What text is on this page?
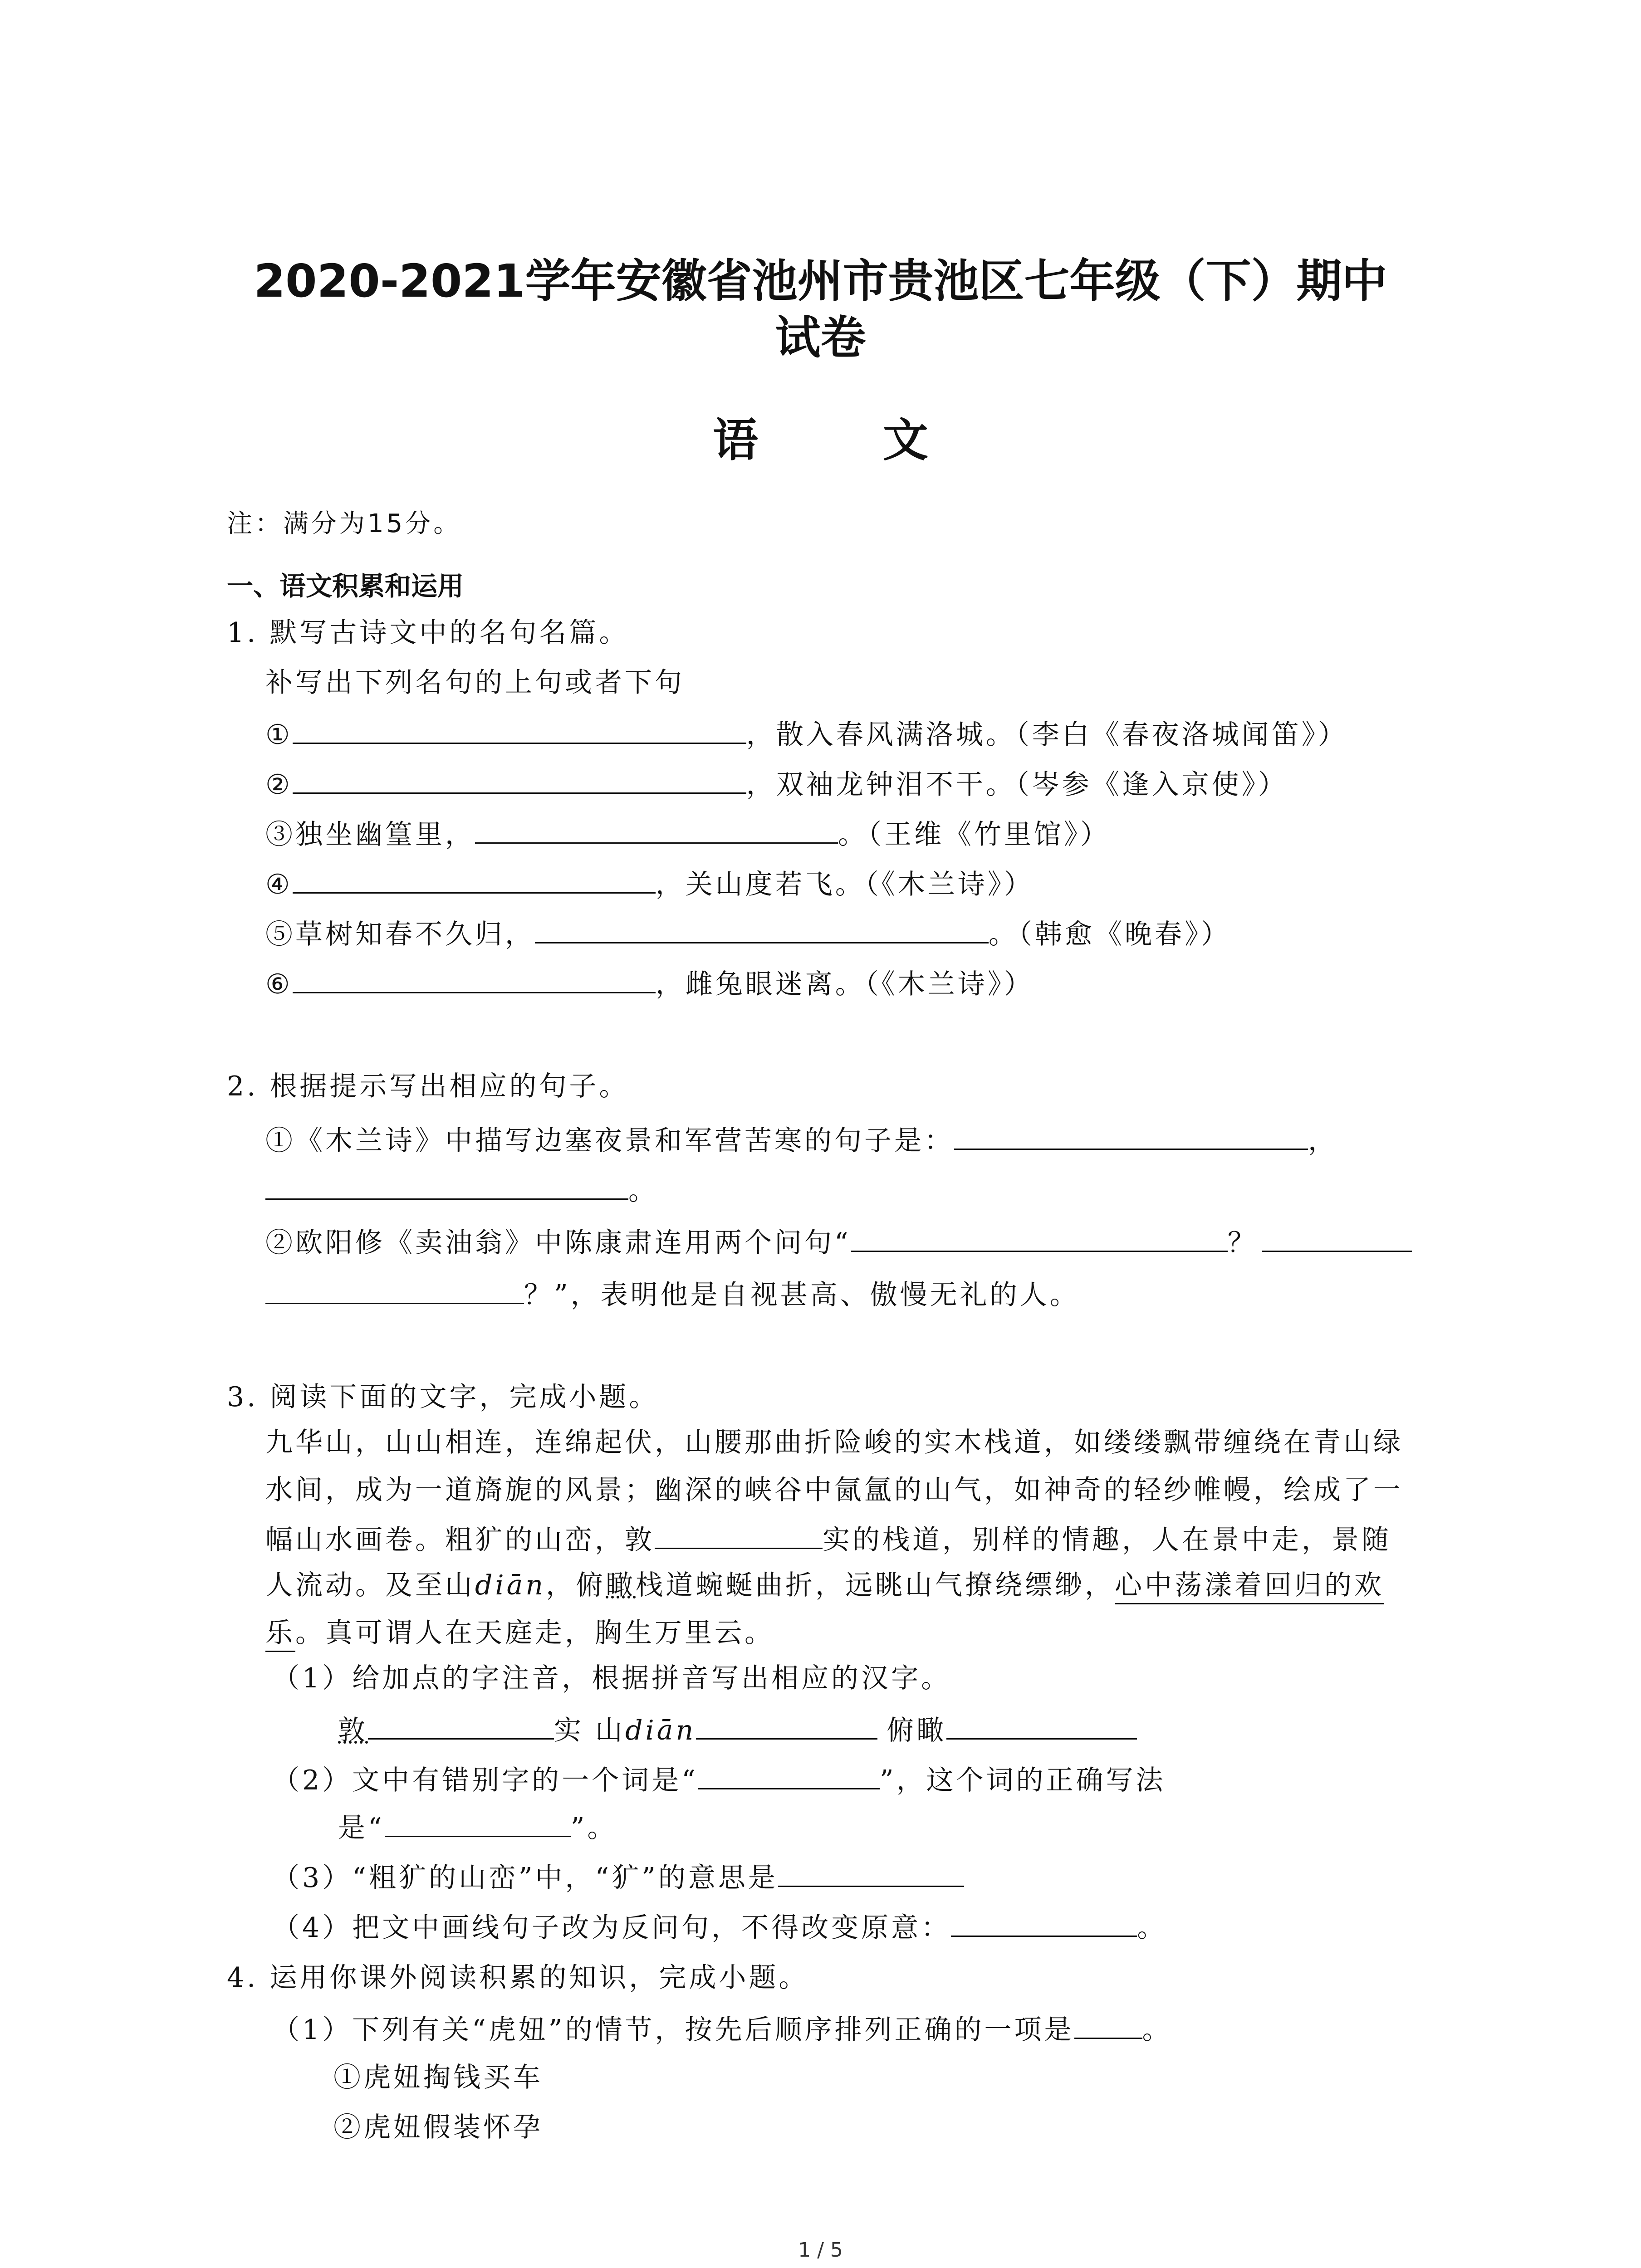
2020-2021学年安徽省池州市贵池区七年级（下）期中
试卷
语 文
注：满分为15分。
一、语文积累和运用
1. 默写古诗文中的名句名篇。
补写出下列名句的上句或者下句
①	，散入春风满洛城。（李白《春夜洛城闻笛》）
②	，双袖龙钟泪不干。（岑参《逢入京使》）
③独坐幽篁里，	。（王维《竹里馆》）
④	，关山度若飞。（《木兰诗》）
⑤草树知春不久归，	。（韩愈《晚春》）
⑥	，雌兔眼迷离。（《木兰诗》）
2. 根据提示写出相应的句子。
①《木兰诗》中描写边塞夜景和军营苦寒的句子是：	，
。
②欧阳修《卖油翁》中陈康肃连用两个问句“	？
？”，表明他是自视甚高、傲慢无礼的人。
3. 阅读下面的文字，完成小题。
九华山，山山相连，连绵起伏，山腰那曲折险峻的实木栈道，如缕缕飘带缠绕在青山绿
水间，成为一道旖旎的风景；幽深的峡谷中氤氲的山气，如神奇的轻纱帷幔，绘成了一
幅山水画卷。粗犷的山峦，敦	实的栈道，别样的情趣，人在景中走，景随
人流动。及至山diān，俯瞰栈道蜿蜒曲折，远眺山气撩绕缥缈，心中荡漾着回归的欢
乐。真可谓人在天庭走，胸生万里云。
（1）给加点的字注音，根据拼音写出相应的汉字。
敦	实 山diān	俯瞰
（2）文中有错别字的一个词是“	”，这个词的正确写法
是“	”。
（3）“粗犷的山峦”中，“犷”的意思是
（4）把文中画线句子改为反问句，不得改变原意：	。
4. 运用你课外阅读积累的知识，完成小题。
（1）下列有关“虎妞”的情节，按先后顺序排列正确的一项是	。
①虎妞掏钱买车
②虎妞假装怀孕
1 / 5
